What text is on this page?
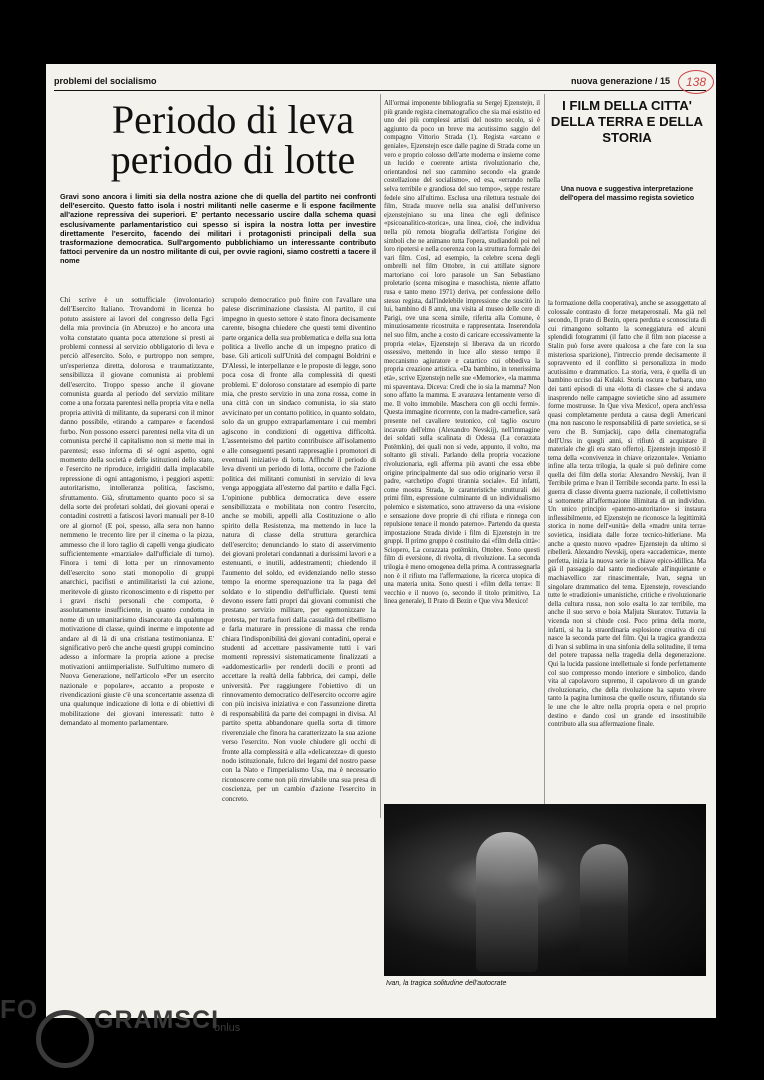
problemi del socialismo	nuova generazione / 15	138
Periodo di leva periodo di lotte
Gravi sono ancora i limiti sia della nostra azione che di quella del partito nei confronti dell'esercito. Questo fatto isola i nostri militanti nelle caserme e li espone facilmente all'azione repressiva dei superiori. E' pertanto necessario uscire dalla schema quasi esclusivamente parlamentaristico cui spesso si ispira la nostra lotta per investire direttamente l'esercito, facendo dei militari i protagonisti principali della sua trasformazione democratica. Sull'argomento pubblichiamo un interessante contributo fattoci pervenire da un nostro militante di cui, per ovvie ragioni, siamo costretti a tacere il nome
Chi scrive è un sottufficiale (involontario) dell'Esercito Italiano. Trovandomi in licenza ho potuto assistere ai lavori del congresso della Fgci della mia provincia (in Abruzzo) e ho ancora una volta constatato quanta poca attenzione si presti ai problemi connessi al servizio obbligatorio di leva e perciò all'esercito. Solo, e purtroppo non sempre, un'esperienza diretta, dolorosa e traumatizzante, sensibilizza il giovane comunista ai problemi dell'esercito. Troppo spesso anche il giovane comunista guarda al periodo del servizio militare come a una forzata parentesi nella propria vita e nella propria attività di militante, da superarsi con il minor danno possibile, «tirando a campare» e facendosi furbo. Non possono esserci parentesi nella vita di un comunista perché il capitalismo non si mette mai in parentesi; esso informa di sé ogni aspetto, ogni momento della società e delle istituzioni dello stato, e l'esercito ne riproduce, irrigiditi dalla implacabile repressione di ogni antagonismo, i peggiori aspetti: autoritarismo, intolleranza politica, fascismo, sfruttamento. Già, sfruttamento quanto poco si sa della sorte dei profetari soldati, dei giovani operai e contadini costretti a fatiscosi lavori manuali per 8-10 ore al giorno! (E poi, spesso, alla sera non hanno nemmeno le trecento lire per il cinema o la pizza, ammesso che il loro taglio di capelli venga giudicato sufficientemente «marziale» dall'ufficiale di turno). Finora i temi di lotta per un rinnovamento dell'esercito sono stati monopolio di gruppi anarchici, pacifisti e antimilitaristi la cui azione, meritevole di giusto riconoscimento e di rispetto per i gravi rischi personali che comporta, è assolutamente insufficiente, in quanto condotta in nome di un umanitarismo disancorato da qualunque motivazione di classe, quindi inerme e impotente ad andare al di là di una cristiana testimonianza. E' significativo però che anche questi gruppi comincino adesso a informare la propria azione a precise motivazioni antiimperialiste. Sull'ultimo numero di Nuova Generazione, nell'articolo «Per un esercito nazionale e popolare», accanto a proposte e rivendicazioni giuste c'è una sconcertante assenza di una qualunque indicazione di lotta e di obiettivi di mobilitazione dei giovani interessati: tutto è demandato al momento parlamentare.
scrupolo democratico può finire con l'avallare una palese discriminazione classista. Al partito, il cui impegno in questo settore è stato finora decisamente carente, bisogna chiedere che questi temi diventino parte organica della sua problematica e della sua lotta politica a livello anche di un impegno pratico di base. Gli articoli sull'Unità del compagni Boldrini e D'Alessi, le interpellanze e le proposte di legge, sono poca cosa di fronte alla complessità di questi problemi. E' doloroso constatare ad esempio di parte mia, che presto servizio in una zona rossa, come in una città con un sindaco comunista, io sia stato avvicinato per un contatto politico, in quanto soldato, solo da un gruppo extraparlamentare i cui membri agiscono in condizioni di oggettiva difficoltà. L'assenteismo del partito contribuisce all'isolamento e alle conseguenti pesanti rappresaglie i promotori di eventuali iniziative di lotta. Affinché il periodo di leva diventi un periodo di lotta, occorre che l'azione politica dei militanti comunisti in servizio di leva venga appoggiata all'esterno dal partito e dalla Fgci. L'opinione pubblica democratica deve essere sensibilizzata e mobilitata non contro l'esercito, anche se mobili, appelli alla Costituzione o allo spirito della Resistenza, ma mettendo in luce la natura di classe della struttura gerarchica dell'esercito; denunciando lo stato di asservimento dei giovani proletari condannati a durissimi lavori e a estenuanti, e inutili, addestramenti; chiedendo il l'aumento del soldo, ed evidenziando nello stesso tempo la enorme sperequazione tra la paga del soldato e lo stipendio dell'ufficiale. Questi temi devono essere fatti propri dai giovani comunisti che prestano servizio militare, per egemonizzare la protesta, per trarla fuori dalla casualità del ribellismo e farla maturare in pressione di massa che renda chiara l'indisponibilità dei giovani contadini, operai e studenti ad accettare passivamente tutti i vari momenti repressivi sistematicamente finalizzati a «addomesticarli» per renderli docili e pronti ad accettare la realtà della fabbrica, dei campi, delle università. Per raggiungere l'obiettivo di un rinnovamento democratico dell'esercito occorre agire con più incisiva iniziativa e con l'assunzione diretta di responsabilità da parte dei compagni in divisa. Al partito spetta abbandonare quella sorta di timore riverenziale che finora ha caratterizzato la sua azione verso l'esercito. Non vuole chiudere gli occhi di fronte alla complessità e alla «delicatezza» di questo nodo istituzionale, fulcro dei legami del nostro paese con la Nato e l'imperialismo Usa, ma è necessario riconoscere come non più rinviabile una sua presa di coscienza, per un cambio d'azione l'esercito in concreto.
All'ormai imponente bibliografia su Sergej Ejzenstejn, il più grande regista cinematografico che sia mai esistito ed uno dei più complessi artisti del nostro secolo, si è aggiunto da poco un breve ma acutissimo saggio del compagno Vittorio Strada (1). Regista «arcano e geniale», Ejzenstejn esce dalle pagine di Strada come un vero e proprio colosso dell'arte moderna e insieme come un lucido e coerente artista rivoluzionario che, orientandosi nel suo cammino secondo «la grande costellazione del socialismo», ed esa, «errando nella selva terribile e grandiosa del suo tempo», seppe restare fedele sino all'ultimo. Esclusa una rilettura testuale dei film, Strada muove nella sua analisi dell'universo ejzenstejniano su una linea che egli definisce «psicoanalitico-storica», una linea, cioè, che individua nella più remota biografia dell'artista l'origine dei simboli che ne animano tutta l'opera, studiandoli poi nel loro ripetersi e nella coerenza con la struttura formale dei vari film. Così, ad esempio, la celebre scena degli ombrelli nel film Ottobre, in cui attillate signore martoriano coi loro parasole un San Sebastiano proletario (scena misogina e masochista, niente affatto rusa e tanto meno 1971) deriva, per confessione dello stesso regista, dall'indelebile impressione che suscitò in lui, bambino di 8 anni, una visita al museo delle cere di Parigi, ove una scena simile, riferita alla Comune, è minuziosamente ricostruita e rappresentata. Inserendola nel suo film, anche a costo di caricare eccessivamente la propria «tela», Ejzenstejn si liberava da un ricordo ossessivo, mettendo in luce allo stesso tempo il meccanismo agiuratore e catartico cui obbediva la propria creazione artistica. «Da bambino, in tenerissima età», scrive Ejzenstejn nelle sue «Memorie», «la mamma mi spaventava. Diceva: Credi che io sia la mamma? Non sono affatto la mamma. E avanzava lentamente verso di me. Il volto immobile. Maschera con gli occhi fermi». Questa immagine ricorrente, con la madre-carnefice, sarà presente nel cavaliere teutonico, col taglio oscuro incavato dell'elmo (Alexandro Nevskij), nell'immagine dei soldati sulla scalinata di Odessa (La corazzata Potëmkin), dei quali non si vede, appunto, il volto, ma soltanto gli stivali. Parlando della propria vocazione rivoluzionaria, egli afferma più avanti che essa ebbe origine principalmente dal suo odio originario verso il padre, «archetipo d'ogni tirannia sociale». Ed infatti, come mostra Strada, le caratteristiche strutturali dei primi film, espressione culminante di un individualismo polemico e sistematico, sono attraverso da una «visione e sensazione dove proprie di chi rifiuta e rinnega con repulsione tenace il mondo paterno». Partendo da questa impostazione Strada divide i film di Ejzenstejn in tre gruppi. Il primo gruppo è costituito dai «film della città»: Sciopero, La corazzata potëmkin, Ottobre. Sono questi film di eversione, di rivolta, di rivoluzione. La seconda trilogia è meno omogenea della prima. A contrassegnarla non è il rifiuto ma l'affermazione, la ricerca utopica di una materia unita. Sono questi i «film della terra»: Il vecchio e il nuovo (o, secondo il titolo primitivo, La linea generale), Il Prato di Bezin e Que viva Mexico!
I FILM DELLA CITTA' DELLA TERRA E DELLA STORIA
Una nuova e suggestiva interpretazione dell'opera del massimo regista sovietico
la formazione della cooperativa), anche se assoggettato al colossale contrasto di forze metaperosnali. Ma già nel secondo, Il prato di Bezin, opera perduta e sconosciuta di cui rimangono soltanto la sceneggiatura ed alcuni splendidi fotogrammi (il fatto che il film non piacesse a Stalin può forse avere qualcosa a che fare con la sua misteriosa sparizione), l'intreccio prende decisamente il sopravvento ed il conflitto si personalizza in modo acutissimo e drammatico. La storia, vera, è quella di un bambino ucciso dai Kulaki. Storia oscura e barbara, uno dei tanti episodi di una «lotta di classe» che si andava inasprendo nelle campagne sovietiche sino ad assumere forme mostruose. In Que viva Mexico!, opera anch'essa quasi completamente perduta a causa degli Americani (ma non nascono le responsabilità di parte sovietica, se si vero che B. Sumjackij, capo della cinematografia dell'Urss in quegli anni, si rifiutò di acquistare il materiale che gli era stato offerto). Ejzenstejn impostò il tema della «convivenza in chiave orizzontale». Veniamo infine alla terza trilogia, la quale si può definire come quella dei film della storia: Alexandro Nevskij, Ivan il Terribile prima e Ivan il Terribile seconda parte. In essi la guerra di classe diventa guerra nazionale, il collettivismo si sottomette all'affermazione illimitata di un individuo. Un unico principio «paterno-autoritario» si instaura inflessibilmente, ed Ejzenstejn ne riconosce la legittimità storica in nome dell'«unità» della «madre unita terra» sovietica, insidiata dalle forze tecnico-hitleriane. Ma anche a questo nuovo «padre» Ejzenstejn da ultimo si ribellerà. Alexandro Nevskij, opera «accademica», mente perfetta, inizia la nuova serie in chiave epico-idillica. Ma già il passaggio dal santo medioevale all'inquietante e machiavellico zar rinascimentale, Ivan, segna un singolare drammatico del tema. Ejzenstejn, rovesciando tutte le «tradizioni» umanistiche, critiche e rivoluzionarie della cultura russa, non solo esalta lo zar terribile, ma anche il suo servo e boia Maljuta Skuratov. Tuttavia la vicenda non si chiude così. Poco prima della morte, infatti, si ha la straordinaria esplosione creativa di cui nasce la seconda parte del film. Qui la tragica grandezza di Ivan si sublima in una sinfonia della solitudine, il tema del potere trapassa nella tragedia della degenerazione. Qui la lucida passione intellettuale si fonde perfettamente col suo compresso mondo interiore e simbolico, dando vita al capolavoro supremo, il capolavoro di un grande rivoluzionario, che della rivoluzione ha saputo vivere tanto la pagina luminosa che quelle oscure, rifiutando sia le une che le altre nella propria opera e nel proprio destino e dando così un grande ed insostituibile contributo alla sua affermazione finale.
Ivan, la tragica solitudine dell'autocrate
FO GRAMSCI
onlus
